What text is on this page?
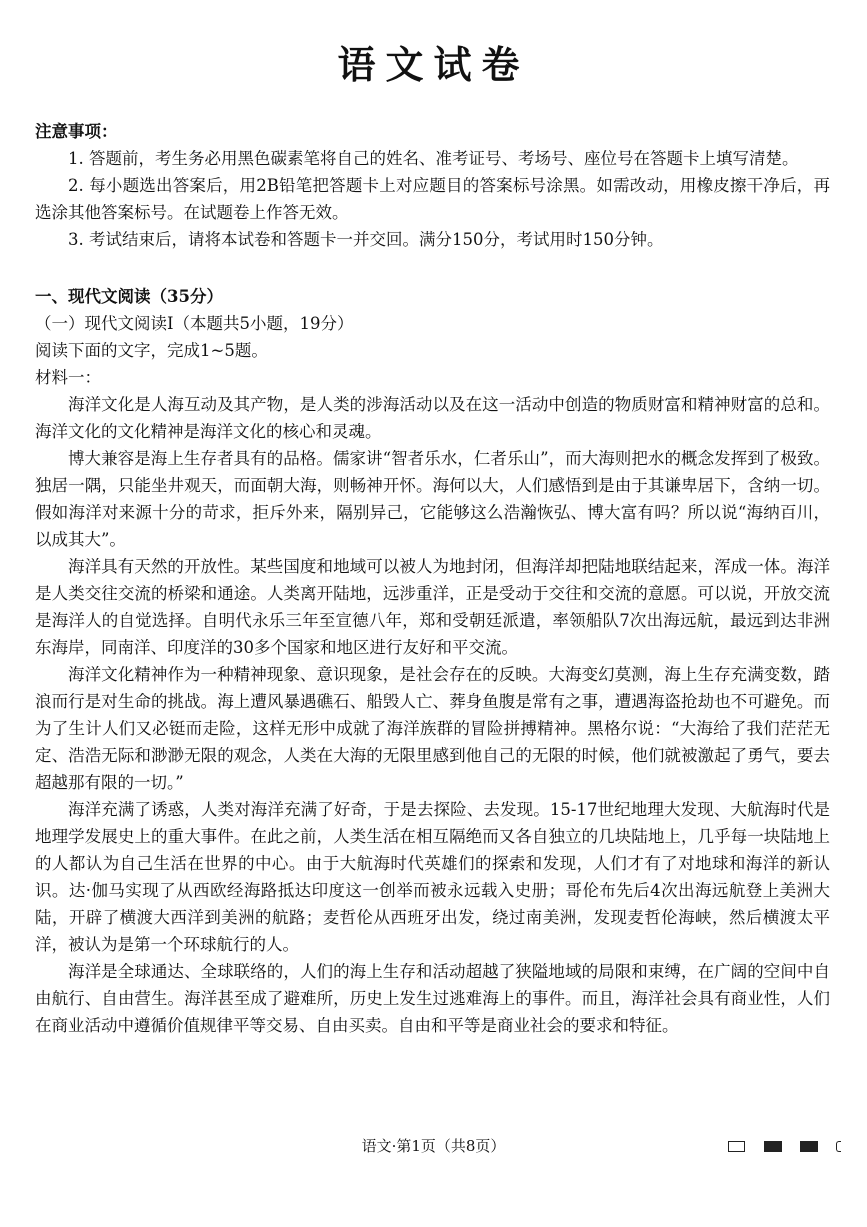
语文试卷

注意事项：

1. 答题前，考生务必用黑色碳素笔将自己的姓名、准考证号、考场号、座位号在答题卡上填写清楚。

2. 每小题选出答案后，用2B铅笔把答题卡上对应题目的答案标号涂黑。如需改动，用橡皮擦干净后，再选涂其他答案标号。在试题卷上作答无效。

3. 考试结束后，请将本试卷和答题卡一并交回。满分150分，考试用时150分钟。

一、现代文阅读（35分）

（一）现代文阅读Ⅰ（本题共5小题，19分）

阅读下面的文字，完成1~5题。

材料一：

海洋文化是人海互动及其产物，是人类的涉海活动以及在这一活动中创造的物质财富和精神财富的总和。海洋文化的文化精神是海洋文化的核心和灵魂。

博大兼容是海上生存者具有的品格。儒家讲“智者乐水，仁者乐山”，而大海则把水的概念发挥到了极致。独居一隅，只能坐井观天，而面朝大海，则畅神开怀。海何以大，人们感悟到是由于其谦卑居下，含纳一切。假如海洋对来源十分的苛求，拒斥外来，隔别异己，它能够这么浩瀚恢弘、博大富有吗？所以说“海纳百川，以成其大”。

海洋具有天然的开放性。某些国度和地域可以被人为地封闭，但海洋却把陆地联结起来，浑成一体。海洋是人类交往交流的桥梁和通途。人类离开陆地，远涉重洋，正是受动于交往和交流的意愿。可以说，开放交流是海洋人的自觉选择。自明代永乐三年至宣德八年，郑和受朝廷派遣，率领船队7次出海远航，最远到达非洲东海岸，同南洋、印度洋的30多个国家和地区进行友好和平交流。

海洋文化精神作为一种精神现象、意识现象，是社会存在的反映。大海变幻莫测，海上生存充满变数，踏浪而行是对生命的挑战。海上遭风暴遇礁石、船毁人亡、葬身鱼腹是常有之事，遭遇海盗抢劫也不可避免。而为了生计人们又必铤而走险，这样无形中成就了海洋族群的冒险拼搏精神。黑格尔说：“大海给了我们茫茫无定、浩浩无际和渺渺无限的观念，人类在大海的无限里感到他自己的无限的时候，他们就被激起了勇气，要去超越那有限的一切。”

海洋充满了诱惑，人类对海洋充满了好奇，于是去探险、去发现。15-17世纪地理大发现、大航海时代是地理学发展史上的重大事件。在此之前，人类生活在相互隔绝而又各自独立的几块陆地上，几乎每一块陆地上的人都认为自己生活在世界的中心。由于大航海时代英雄们的探索和发现，人们才有了对地球和海洋的新认识。达·伽马实现了从西欧经海路抵达印度这一创举而被永远载入史册；哥伦布先后4次出海远航登上美洲大陆，开辟了横渡大西洋到美洲的航路；麦哲伦从西班牙出发，绕过南美洲，发现麦哲伦海峡，然后横渡太平洋，被认为是第一个环球航行的人。

海洋是全球通达、全球联络的，人们的海上生存和活动超越了狭隘地域的局限和束缚，在广阔的空间中自由航行、自由营生。海洋甚至成了避难所，历史上发生过逃难海上的事件。而且，海洋社会具有商业性，人们在商业活动中遵循价值规律平等交易、自由买卖。自由和平等是商业社会的要求和特征。

语文·第1页（共8页）
